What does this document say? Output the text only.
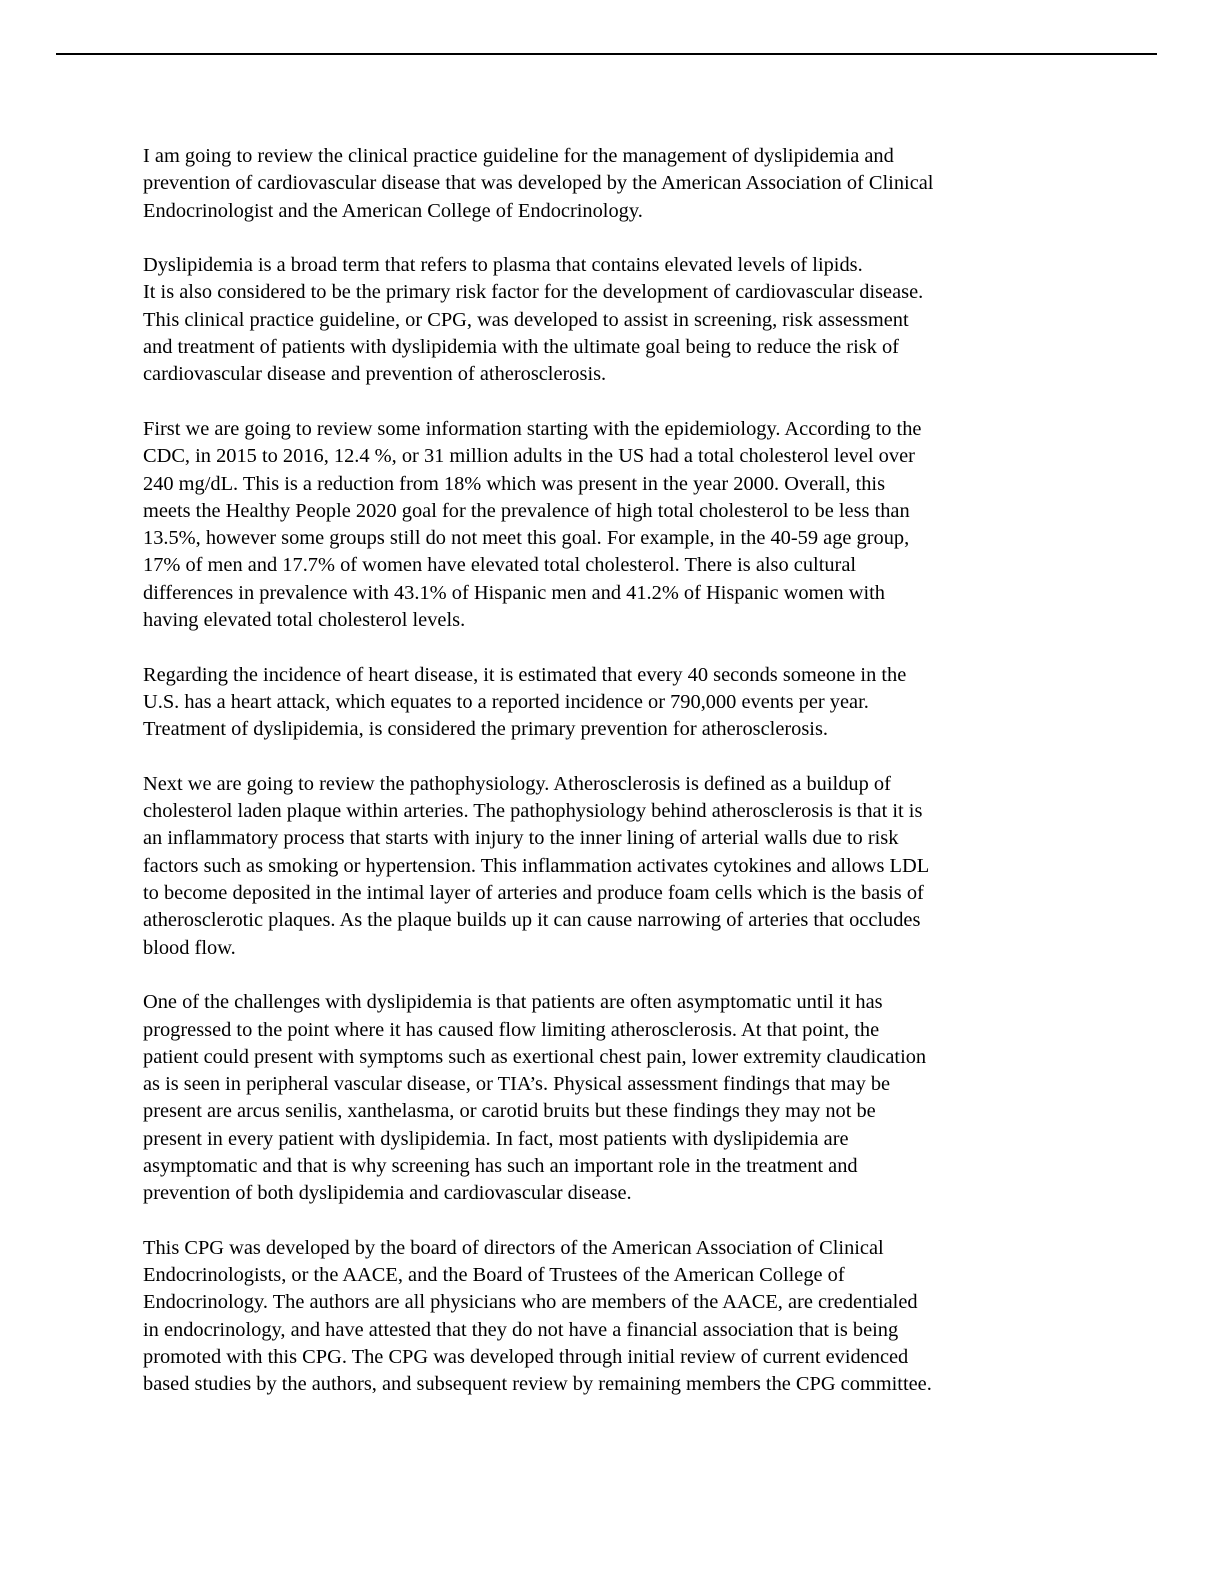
I am going to review the clinical practice guideline for the management of dyslipidemia and
prevention of cardiovascular disease that was developed by the American Association of Clinical
Endocrinologist and the American College of Endocrinology.

Dyslipidemia is a broad term that refers to plasma that contains elevated levels of lipids.
It is also considered to be the primary risk factor for the development of cardiovascular disease.
This clinical practice guideline, or CPG, was developed to assist in screening, risk assessment
and treatment of patients with dyslipidemia with the ultimate goal being to reduce the risk of
cardiovascular disease and prevention of atherosclerosis.

First we are going to review some information starting with the epidemiology. According to the
CDC, in 2015 to 2016, 12.4 %, or 31 million adults in the US had a total cholesterol level over
240 mg/dL. This is a reduction from 18% which was present in the year 2000. Overall, this
meets the Healthy People 2020 goal for the prevalence of high total cholesterol to be less than
13.5%, however some groups still do not meet this goal. For example, in the 40-59 age group,
17% of men and 17.7% of women have elevated total cholesterol. There is also cultural
differences in prevalence with 43.1% of Hispanic men and 41.2% of Hispanic women with
having elevated total cholesterol levels.

Regarding the incidence of heart disease, it is estimated that every 40 seconds someone in the
U.S. has a heart attack, which equates to a reported incidence or 790,000 events per year.
Treatment of dyslipidemia, is considered the primary prevention for atherosclerosis.

Next we are going to review the pathophysiology. Atherosclerosis is defined as a buildup of
cholesterol laden plaque within arteries. The pathophysiology behind atherosclerosis is that it is
an inflammatory process that starts with injury to the inner lining of arterial walls due to risk
factors such as smoking or hypertension. This inflammation activates cytokines and allows LDL
to become deposited in the intimal layer of arteries and produce foam cells which is the basis of
atherosclerotic plaques. As the plaque builds up it can cause narrowing of arteries that occludes
blood flow.

One of the challenges with dyslipidemia is that patients are often asymptomatic until it has
progressed to the point where it has caused flow limiting atherosclerosis. At that point, the
patient could present with symptoms such as exertional chest pain, lower extremity claudication
as is seen in peripheral vascular disease, or TIA’s. Physical assessment findings that may be
present are arcus senilis, xanthelasma, or carotid bruits but these findings they may not be
present in every patient with dyslipidemia. In fact, most patients with dyslipidemia are
asymptomatic and that is why screening has such an important role in the treatment and
prevention of both dyslipidemia and cardiovascular disease.

This CPG was developed by the board of directors of the American Association of Clinical
Endocrinologists, or the AACE, and the Board of Trustees of the American College of
Endocrinology. The authors are all physicians who are members of the AACE, are credentialed
in endocrinology, and have attested that they do not have a financial association that is being
promoted with this CPG. The CPG was developed through initial review of current evidenced
based studies by the authors, and subsequent review by remaining members the CPG committee.
